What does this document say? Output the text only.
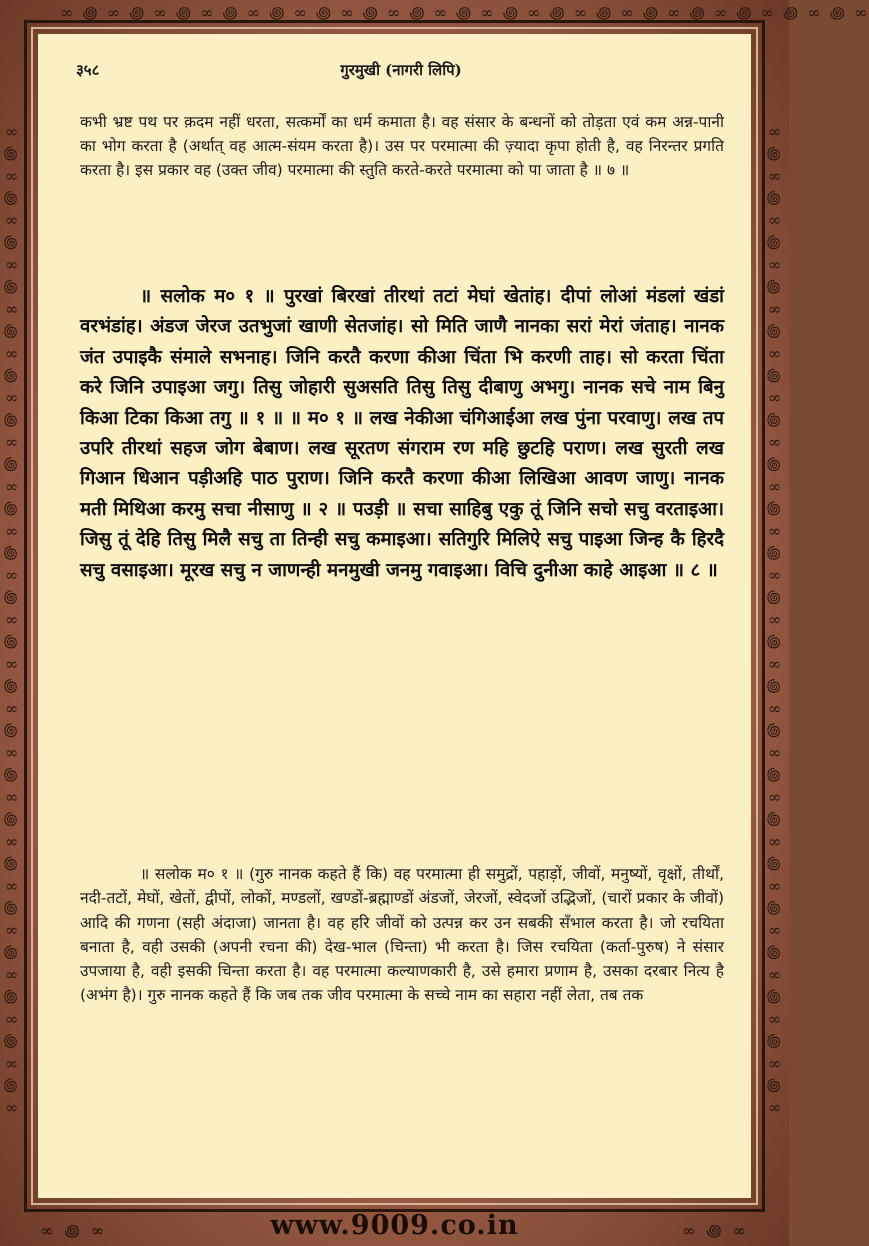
∞ ꩜ ∞ ꩜ ∞ ꩜ ∞ ꩜ ∞ ꩜ ∞ ꩜ ∞ ꩜ ∞ ꩜ ∞ ꩜ ∞ ꩜ ∞ ꩜ ∞ ꩜ ∞ ꩜ ∞ ꩜ ∞ ꩜ ∞ ꩜ ∞ ꩜ ∞
∞ ꩜ ∞ ꩜ ∞ ꩜ ∞ ꩜ ∞ ꩜ ∞ ꩜ ∞ ꩜ ∞ ꩜ ∞ ꩜ ∞ ꩜ ∞ ꩜ ∞ ꩜ ∞ ꩜ ∞ ꩜ ∞ ꩜ ∞ ꩜ ∞ ꩜ ∞ ꩜ ∞ ꩜ ∞ ꩜ ∞ ꩜ ∞ ꩜ ∞	∞ ꩜ ∞ ꩜ ∞ ꩜ ∞ ꩜ ∞ ꩜ ∞ ꩜ ∞ ꩜ ∞ ꩜ ∞ ꩜ ∞ ꩜ ∞ ꩜ ∞ ꩜ ∞ ꩜ ∞ ꩜ ∞ ꩜ ∞ ꩜ ∞ ꩜ ∞ ꩜ ∞ ꩜ ∞ ꩜ ∞ ꩜ ∞ ꩜ ∞
३५८	गुरमुखी (नागरी लिपि)

कभी भ्रष्ट पथ पर क़दम नहीं धरता, सत्कर्मों का धर्म कमाता है। वह संसार के बन्धनों को तोड़ता एवं कम अन्न-पानी का भोग करता है (अर्थात् वह आत्म-संयम करता है)। उस पर परमात्मा की ज़्यादा कृपा होती है, वह निरन्तर प्रगति करता है। इस प्रकार वह (उक्त जीव) परमात्मा की स्तुति करते-करते परमात्मा को पा जाता है ॥ ७ ॥

॥ सलोक म० १ ॥ पुरखां बिरखां तीरथां तटां मेघां खेतांह। दीपां लोआं मंडलां खंडां वरभंडांह। अंडज जेरज उतभुजां खाणी सेतजांह। सो मिति जाणै नानका सरां मेरां जंताह। नानक जंत उपाइकै संमाले सभनाह। जिनि करतै करणा कीआ चिंता भि करणी ताह। सो करता चिंता करे जिनि उपाइआ जगु। तिसु जोहारी सुअसति तिसु तिसु दीबाणु अभगु। नानक सचे नाम बिनु किआ टिका किआ तगु ॥ १ ॥ ॥ म० १ ॥ लख नेकीआ चंगिआईआ लख पुंना परवाणु। लख तप उपरि तीरथां सहज जोग बेबाण। लख सूरतण संगराम रण महि छुटहि पराण। लख सुरती लख गिआन धिआन पड़ीअहि पाठ पुराण। जिनि करतै करणा कीआ लिखिआ आवण जाणु। नानक मती मिथिआ करमु सचा नीसाणु ॥ २ ॥ पउड़ी ॥ सचा साहिबु एकु तूं जिनि सचो सचु वरताइआ। जिसु तूं देहि तिसु मिलै सचु ता तिन्ही सचु कमाइआ। सतिगुरि मिलिऐ सचु पाइआ जिन्ह कै हिरदै सचु वसाइआ। मूरख सचु न जाणन्ही मनमुखी जनमु गवाइआ। विचि दुनीआ काहे आइआ ॥ ८ ॥

॥ सलोक म० १ ॥ (गुरु नानक कहते हैं कि) वह परमात्मा ही समुद्रों, पहाड़ों, जीवों, मनुष्यों, वृक्षों, तीर्थों, नदी-तटों, मेघों, खेतों, द्वीपों, लोकों, मण्डलों, खण्डों-ब्रह्माण्डों अंडजों, जेरजों, स्वेदजों उद्भिजों, (चारों प्रकार के जीवों) आदि की गणना (सही अंदाजा) जानता है। वह हरि जीवों को उत्पन्न कर उन सबकी सँभाल करता है। जो रचयिता बनाता है, वही उसकी (अपनी रचना की) देख-भाल (चिन्ता) भी करता है। जिस रचयिता (कर्ता-पुरुष) ने संसार उपजाया है, वही इसकी चिन्ता करता है। वह परमात्मा कल्याणकारी है, उसे हमारा प्रणाम है, उसका दरबार नित्य है (अभंग है)। गुरु नानक कहते हैं कि जब तक जीव परमात्मा के सच्चे नाम का सहारा नहीं लेता, तब तक

∞ ꩜ ∞	www.9009.co.in	∞ ꩜ ∞
